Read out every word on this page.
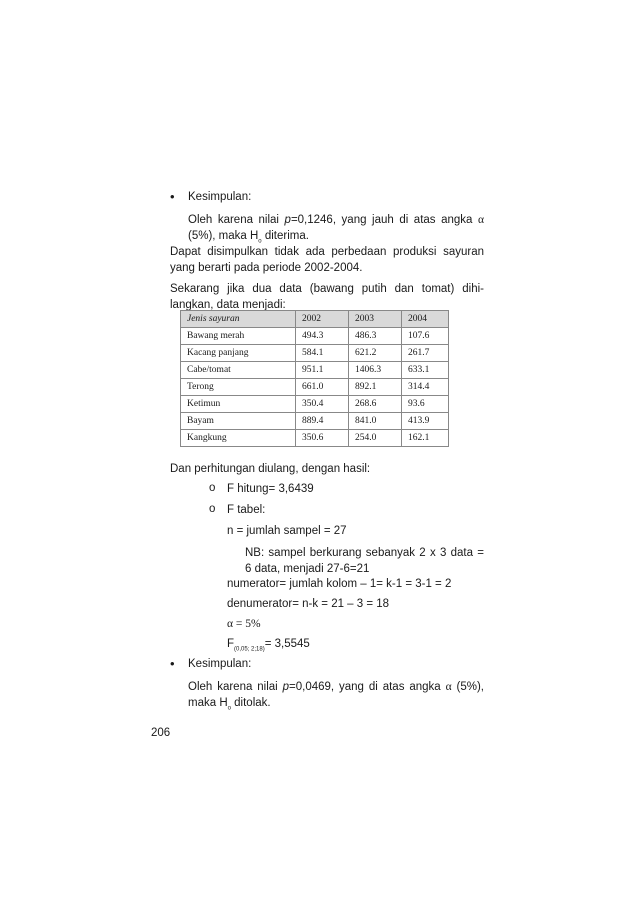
• Kesimpulan:
Oleh karena nilai p=0,1246, yang jauh di atas angka α (5%), maka $H_o$ diterima.
Dapat disimpulkan tidak ada perbedaan produksi sayuran yang berarti pada periode 2002-2004.
Sekarang jika dua data (bawang putih dan tomat) dihi-langkan, data menjadi:
Jenis sayuran	2002	2003	2004
Bawang merah	494.3	486.3	107.6
Kacang panjang	584.1	621.2	261.7
Cabe/tomat	951.1	1406.3	633.1
Terong	661.0	892.1	314.4
Ketimun	350.4	268.6	93.6
Bayam	889.4	841.0	413.9
Kangkung	350.6	254.0	162.1
Dan perhitungan diulang, dengan hasil:
o F hitung= 3,6439
o F tabel:
n = jumlah sampel = 27
NB: sampel berkurang sebanyak 2 x 3 data = 6 data, menjadi 27-6=21
numerator= jumlah kolom – 1= k-1 = 3-1 = 2
denumerator= n-k = 21 – 3 = 18
α = 5%
$F_{(0,05; 2;18)}= 3,5545$
• Kesimpulan:
Oleh karena nilai p=0,0469, yang di atas angka α (5%), maka $H_o$ ditolak.
206
